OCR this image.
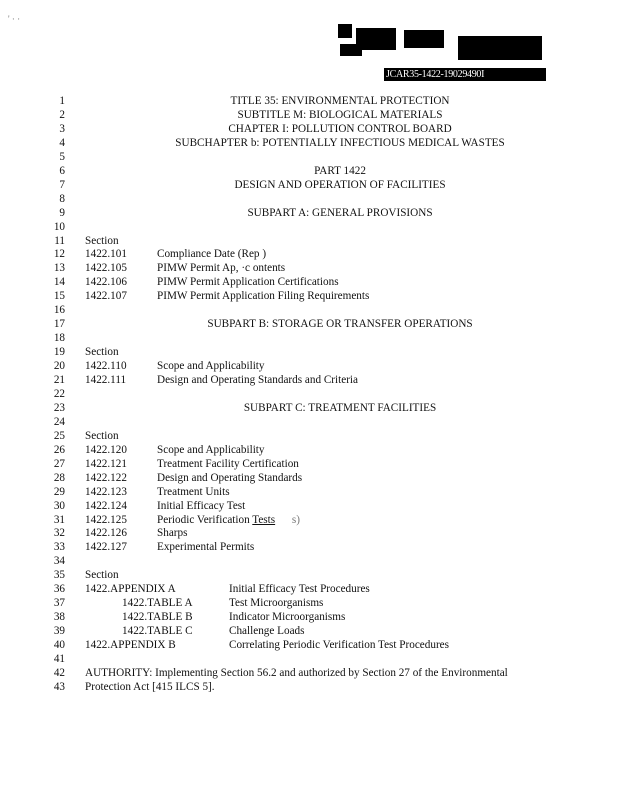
JCAR35-1422-19029490I
' · ·
1	TITLE 35: ENVIRONMENTAL PROTECTION
2	SUBTITLE M: BIOLOGICAL MATERIALS
3	CHAPTER I: POLLUTION CONTROL BOARD
4	SUBCHAPTER b: POTENTIALLY INFECTIOUS MEDICAL WASTES
5
6	PART 1422
7	DESIGN AND OPERATION OF FACILITIES
8
9	SUBPART A: GENERAL PROVISIONS
10
11 Section
12 1422.101	Compliance Date (Rep )
13 1422.105	PIMW Permit Ap, ·c ontents
14 1422.106	PIMW Permit Application Certifications
15 1422.107	PIMW Permit Application Filing Requirements
16
17	SUBPART B: STORAGE OR TRANSFER OPERATIONS
18
19 Section
20 1422.110	Scope and Applicability
21 1422.111	Design and Operating Standards and Criteria
22
23	SUBPART C: TREATMENT FACILITIES
24
25 Section
26 1422.120	Scope and Applicability
27 1422.121	Treatment Facility Certification
28 1422.122	Design and Operating Standards
29 1422.123	Treatment Units
30 1422.124	Initial Efficacy Test
31 1422.125	Periodic Verification Tests      s)
32 1422.126	Sharps
33 1422.127	Experimental Permits
34
35 Section
36 1422.APPENDIX A	Initial Efficacy Test Procedures
37	1422.TABLE A	Test Microorganisms
38	1422.TABLE B	Indicator Microorganisms
39	1422.TABLE C	Challenge Loads
40 1422.APPENDIX B	Correlating Periodic Verification Test Procedures
41
42 AUTHORITY: Implementing Section 56.2 and authorized by Section 27 of the Environmental
43 Protection Act [415 ILCS 5].
